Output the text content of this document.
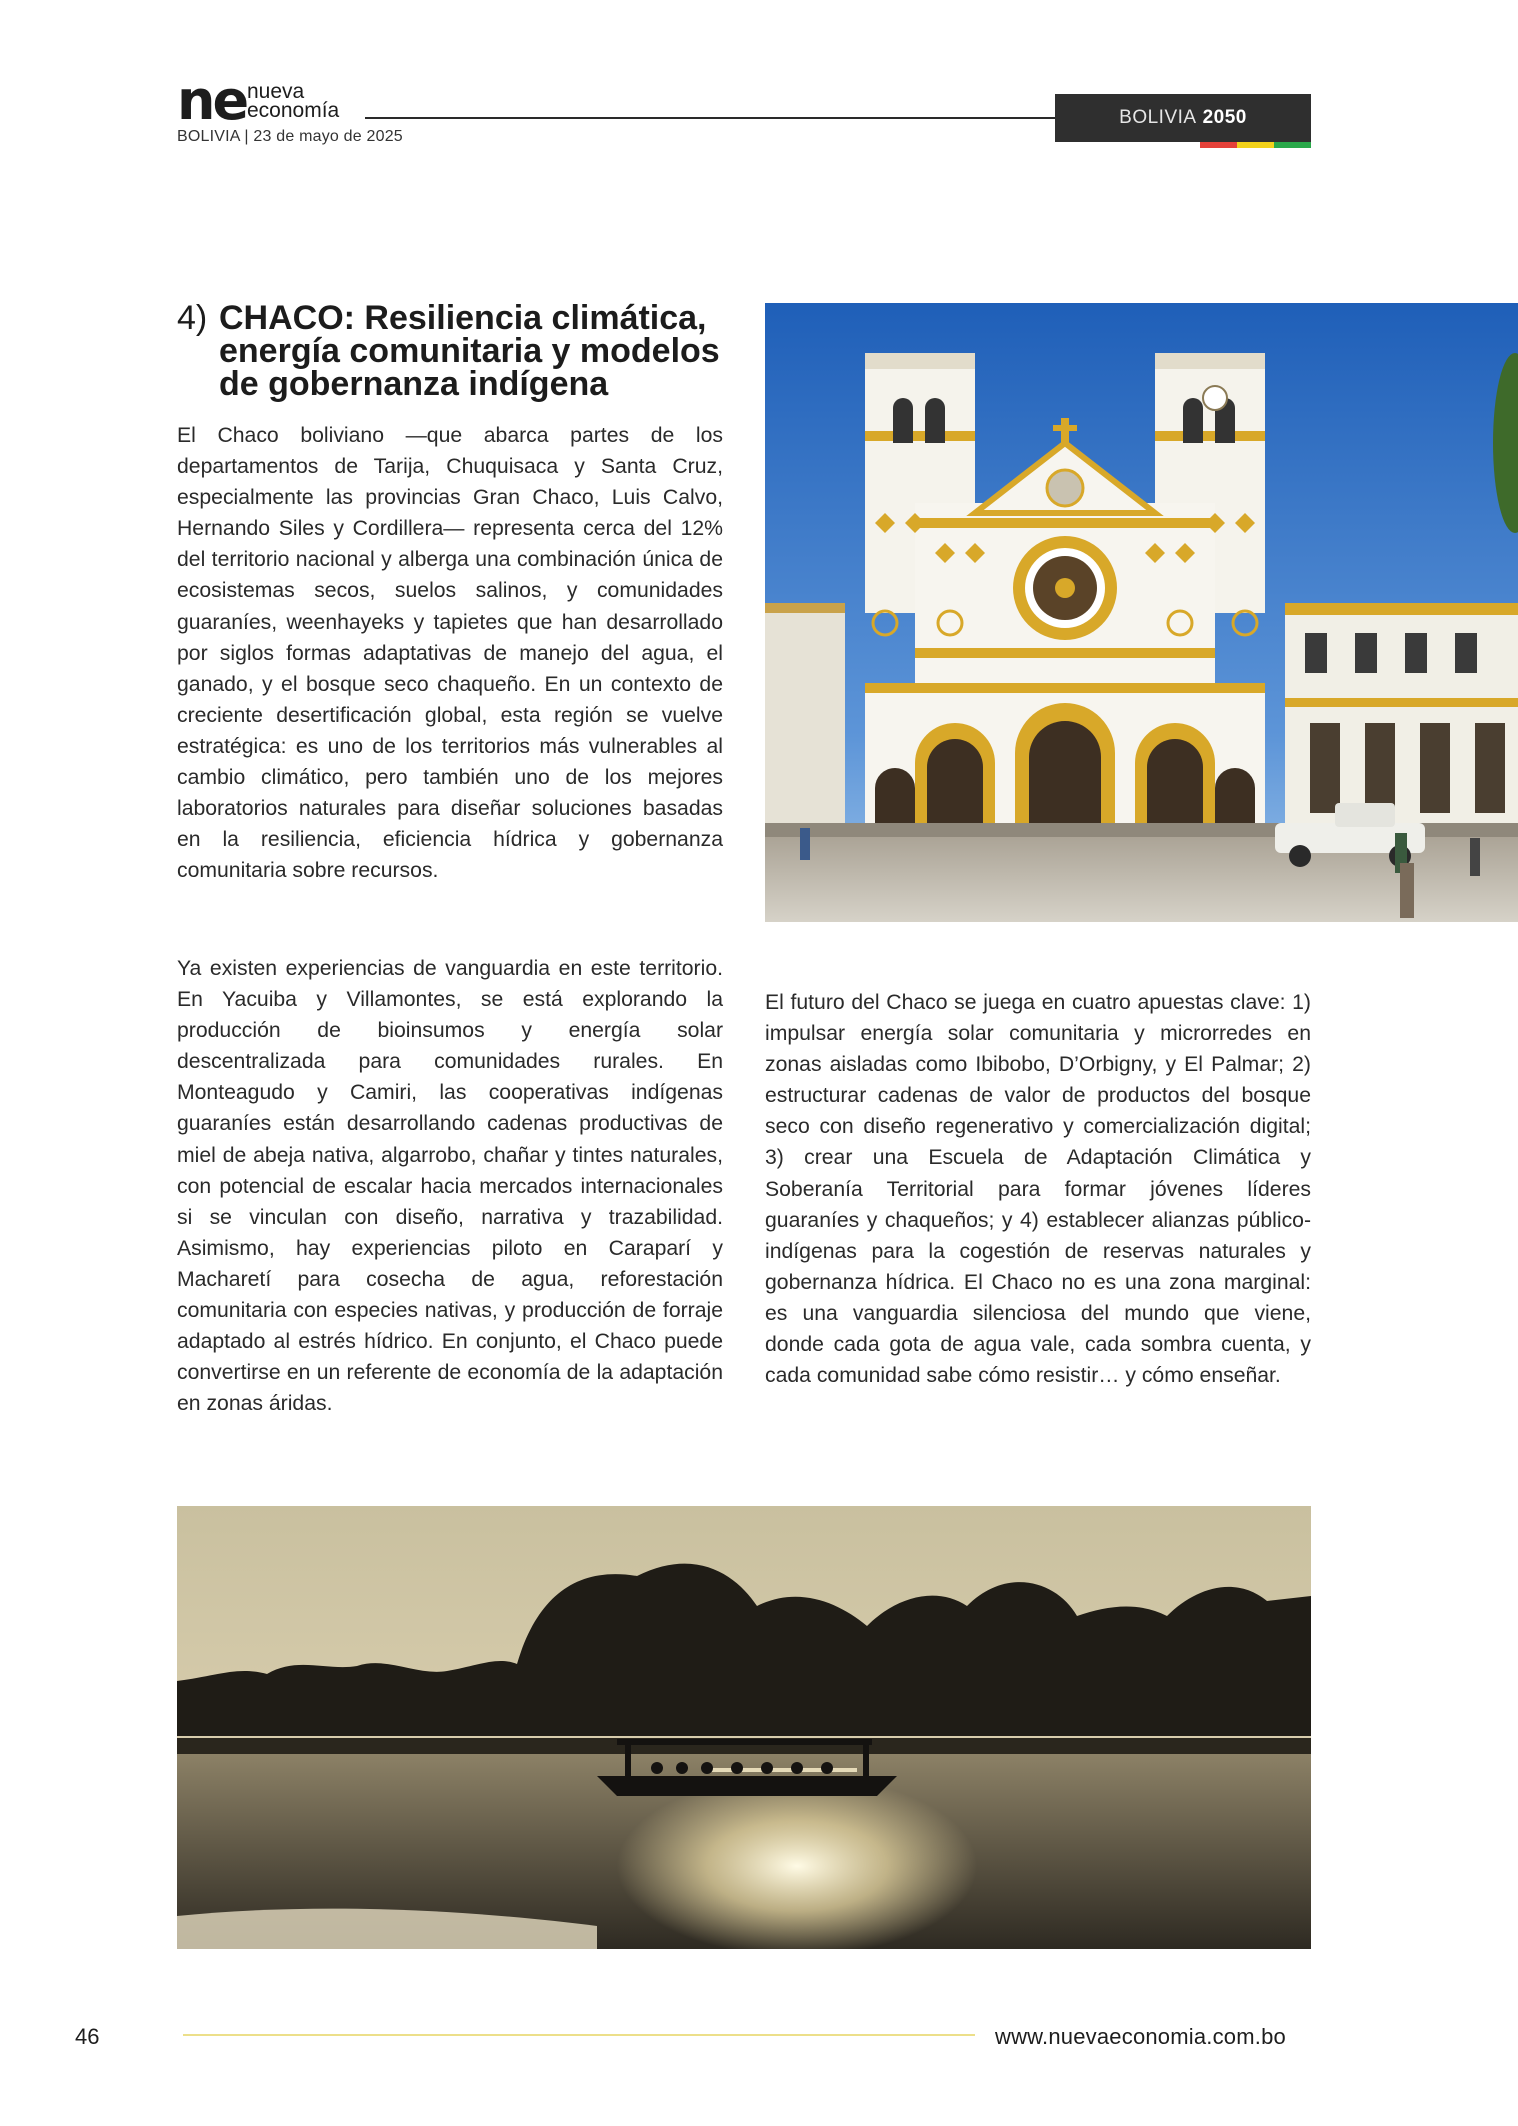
ne nueva
economía
BOLIVIA | 23 de mayo de 2025
BOLIVIA 2050
4) CHACO: Resiliencia climática, energía comunitaria y modelos de gobernanza indígena

El Chaco boliviano —que abarca partes de los departamentos de Tarija, Chuquisaca y Santa Cruz, especialmente las provincias Gran Chaco, Luis Calvo, Hernando Siles y Cordillera— representa cerca del 12% del territorio nacional y alberga una combinación única de ecosistemas secos, suelos salinos, y comunidades guaraníes, weenhayeks y tapietes que han desarrollado por siglos formas adaptativas de manejo del agua, el ganado, y el bosque seco chaqueño. En un contexto de creciente desertificación global, esta región se vuelve estratégica: es uno de los territorios más vulnerables al cambio climático, pero también uno de los mejores laboratorios naturales para diseñar soluciones basadas en la resiliencia, eficiencia hídrica y gobernanza comunitaria sobre recursos.

Ya existen experiencias de vanguardia en este territorio. En Yacuiba y Villamontes, se está explorando la producción de bioinsumos y energía solar descentralizada para comunidades rurales. En Monteagudo y Camiri, las cooperativas indígenas guaraníes están desarrollando cadenas productivas de miel de abeja nativa, algarrobo, chañar y tintes naturales, con potencial de escalar hacia mercados internacionales si se vinculan con diseño, narrativa y trazabilidad. Asimismo, hay experiencias piloto en Caraparí y Macharetí para cosecha de agua, reforestación comunitaria con especies nativas, y producción de forraje adaptado al estrés hídrico. En conjunto, el Chaco puede convertirse en un referente de economía de la adaptación en zonas áridas.

El futuro del Chaco se juega en cuatro apuestas clave: 1) impulsar energía solar comunitaria y microrredes en zonas aisladas como Ibibobo, D’Orbigny, y El Palmar; 2) estructurar cadenas de valor de productos del bosque seco con diseño regenerativo y comercialización digital; 3) crear una Escuela de Adaptación Climática y Soberanía Territorial para formar jóvenes líderes guaraníes y chaqueños; y 4) establecer alianzas público-indígenas para la cogestión de reservas naturales y gobernanza hídrica. El Chaco no es una zona marginal: es una vanguardia silenciosa del mundo que viene, donde cada gota de agua vale, cada sombra cuenta, y cada comunidad sabe cómo resistir… y cómo enseñar.

46	www.nuevaeconomia.com.bo
